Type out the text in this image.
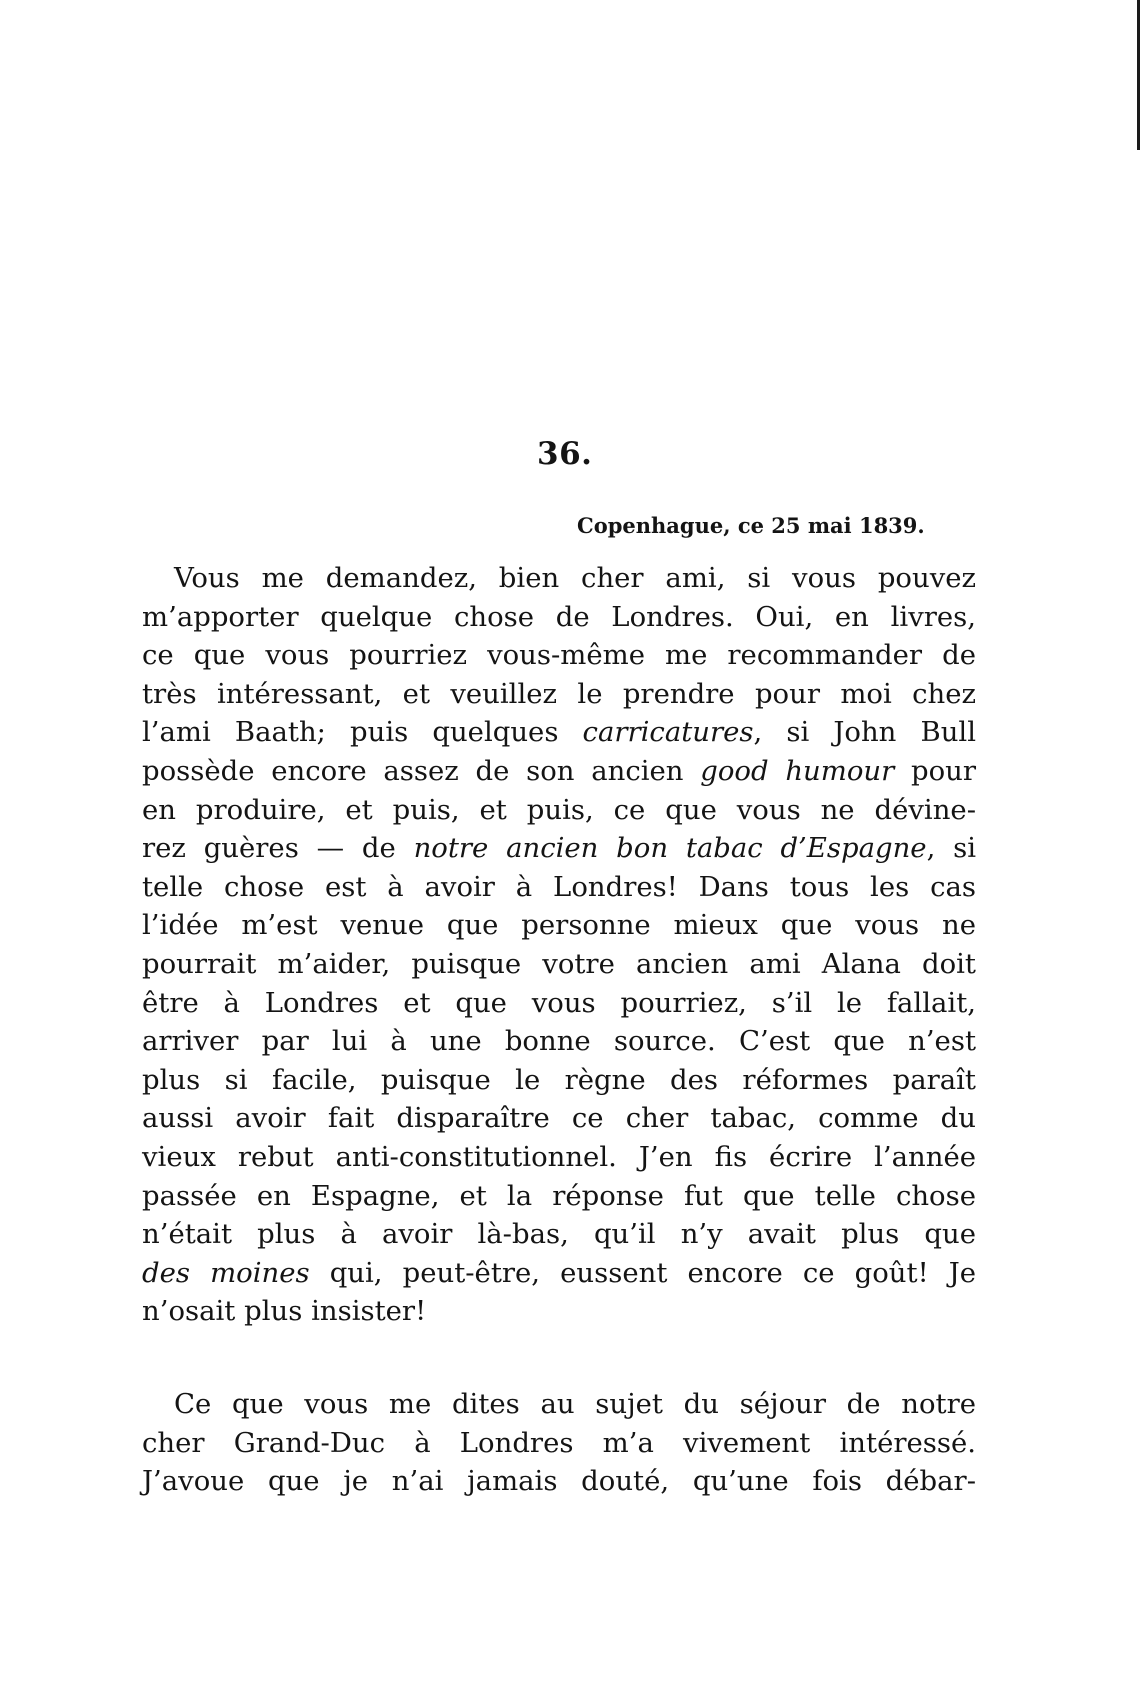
36.
Copenhague, ce 25 mai 1839.
Vous me demandez, bien cher ami, si vous pouvez
m’apporter quelque chose de Londres. Oui, en livres,
ce que vous pourriez vous-même me recommander de
très intéressant, et veuillez le prendre pour moi chez
l’ami Baath; puis quelques carricatures, si John Bull
possède encore assez de son ancien good humour pour
en produire, et puis, et puis, ce que vous ne dévine-
rez guères — de notre ancien bon tabac d’Espagne, si
telle chose est à avoir à Londres! Dans tous les cas
l’idée m’est venue que personne mieux que vous ne
pourrait m’aider, puisque votre ancien ami Alana doit
être à Londres et que vous pourriez, s’il le fallait,
arriver par lui à une bonne source. C’est que n’est
plus si facile, puisque le règne des réformes paraît
aussi avoir fait disparaître ce cher tabac, comme du
vieux rebut anti-constitutionnel. J’en fis écrire l’année
passée en Espagne, et la réponse fut que telle chose
n’était plus à avoir là-bas, qu’il n’y avait plus que
des moines qui, peut-être, eussent encore ce goût! Je
n’osait plus insister!
Ce que vous me dites au sujet du séjour de notre
cher Grand-Duc à Londres m’a vivement intéressé.
J’avoue que je n’ai jamais douté, qu’une fois débar-
